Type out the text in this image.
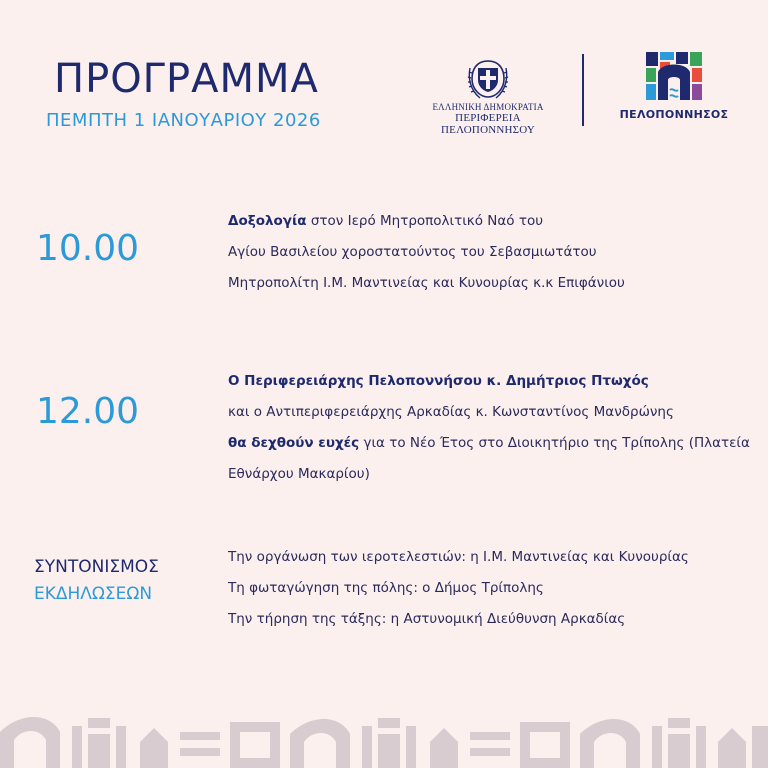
ΠΡΟΓΡΑΜΜΑ
ΠΕΜΠΤΗ 1 ΙΑΝΟΥΑΡΙΟΥ 2026
ΕΛΛΗΝΙΚΗ ΔΗΜΟΚΡΑΤΙΑ
ΠΕΡΙΦΕΡΕΙΑ ΠΕΛΟΠΟΝΝΗΣΟΥ
ΠΕΛΟΠΟΝΝΗΣΟΣ
10.00
Δοξολογία στον Ιερό Μητροπολιτικό Ναό του
Αγίου Βασιλείου χοροστατούντος του Σεβασμιωτάτου
Μητροπολίτη Ι.Μ. Μαντινείας και Κυνουρίας κ.κ Επιφάνιου
12.00
Ο Περιφερειάρχης Πελοποννήσου κ. Δημήτριος Πτωχός
και ο Αντιπεριφερειάρχης Αρκαδίας κ. Κωνσταντίνος Μανδρώνης
θα δεχθούν ευχές για το Νέο Έτος στο Διοικητήριο της Τρίπολης (Πλατεία
Εθνάρχου Μακαρίου)
ΣΥΝΤΟΝΙΣΜΟΣ
ΕΚΔΗΛΩΣΕΩΝ
Την οργάνωση των ιεροτελεστιών: η Ι.Μ. Μαντινείας και Κυνουρίας
Τη φωταγώγηση της πόλης: ο Δήμος Τρίπολης
Την τήρηση της τάξης: η Αστυνομική Διεύθυνση Αρκαδίας
